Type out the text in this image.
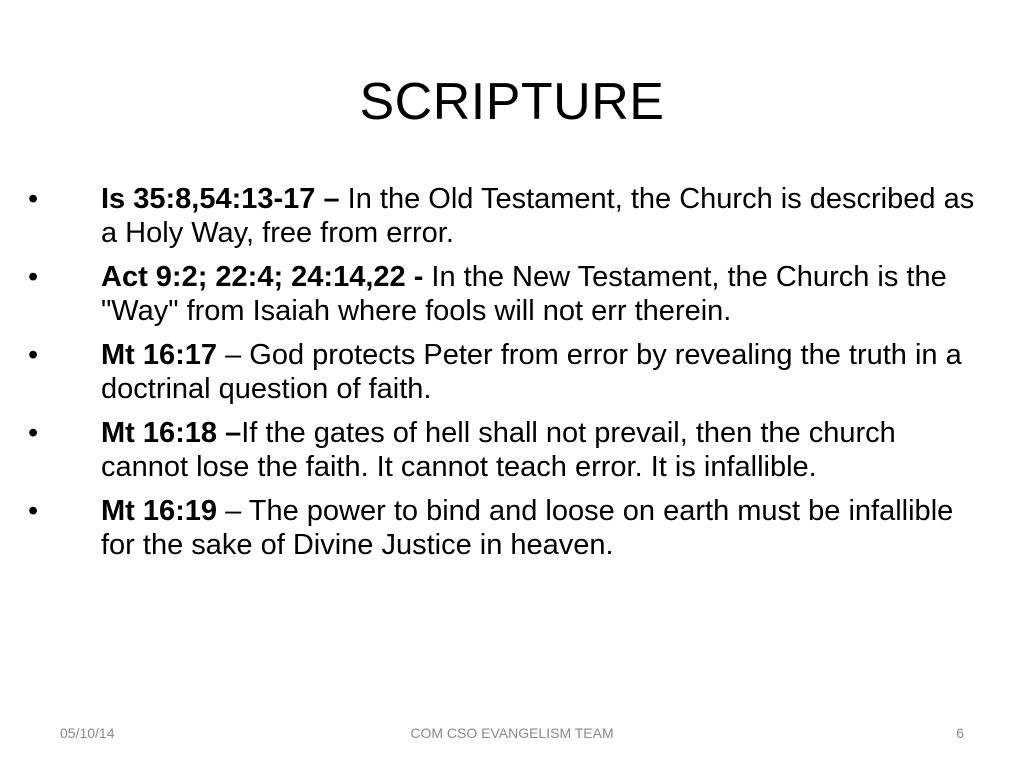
SCRIPTURE
•	Is 35:8,54:13-17 – In the Old Testament, the Church is described as a Holy Way, free from error.
•	Act 9:2; 22:4; 24:14,22 - In the New Testament, the Church is the "Way" from Isaiah where fools will not err therein.
•	Mt 16:17 – God protects Peter from error by revealing the truth in a doctrinal question of faith.
•	Mt 16:18 –If the gates of hell shall not prevail, then the church cannot lose the faith. It cannot teach error. It is infallible.
•	Mt 16:19 – The power to bind and loose on earth must be infallible for the sake of Divine Justice in heaven.
05/10/14	COM CSO EVANGELISM TEAM	6
